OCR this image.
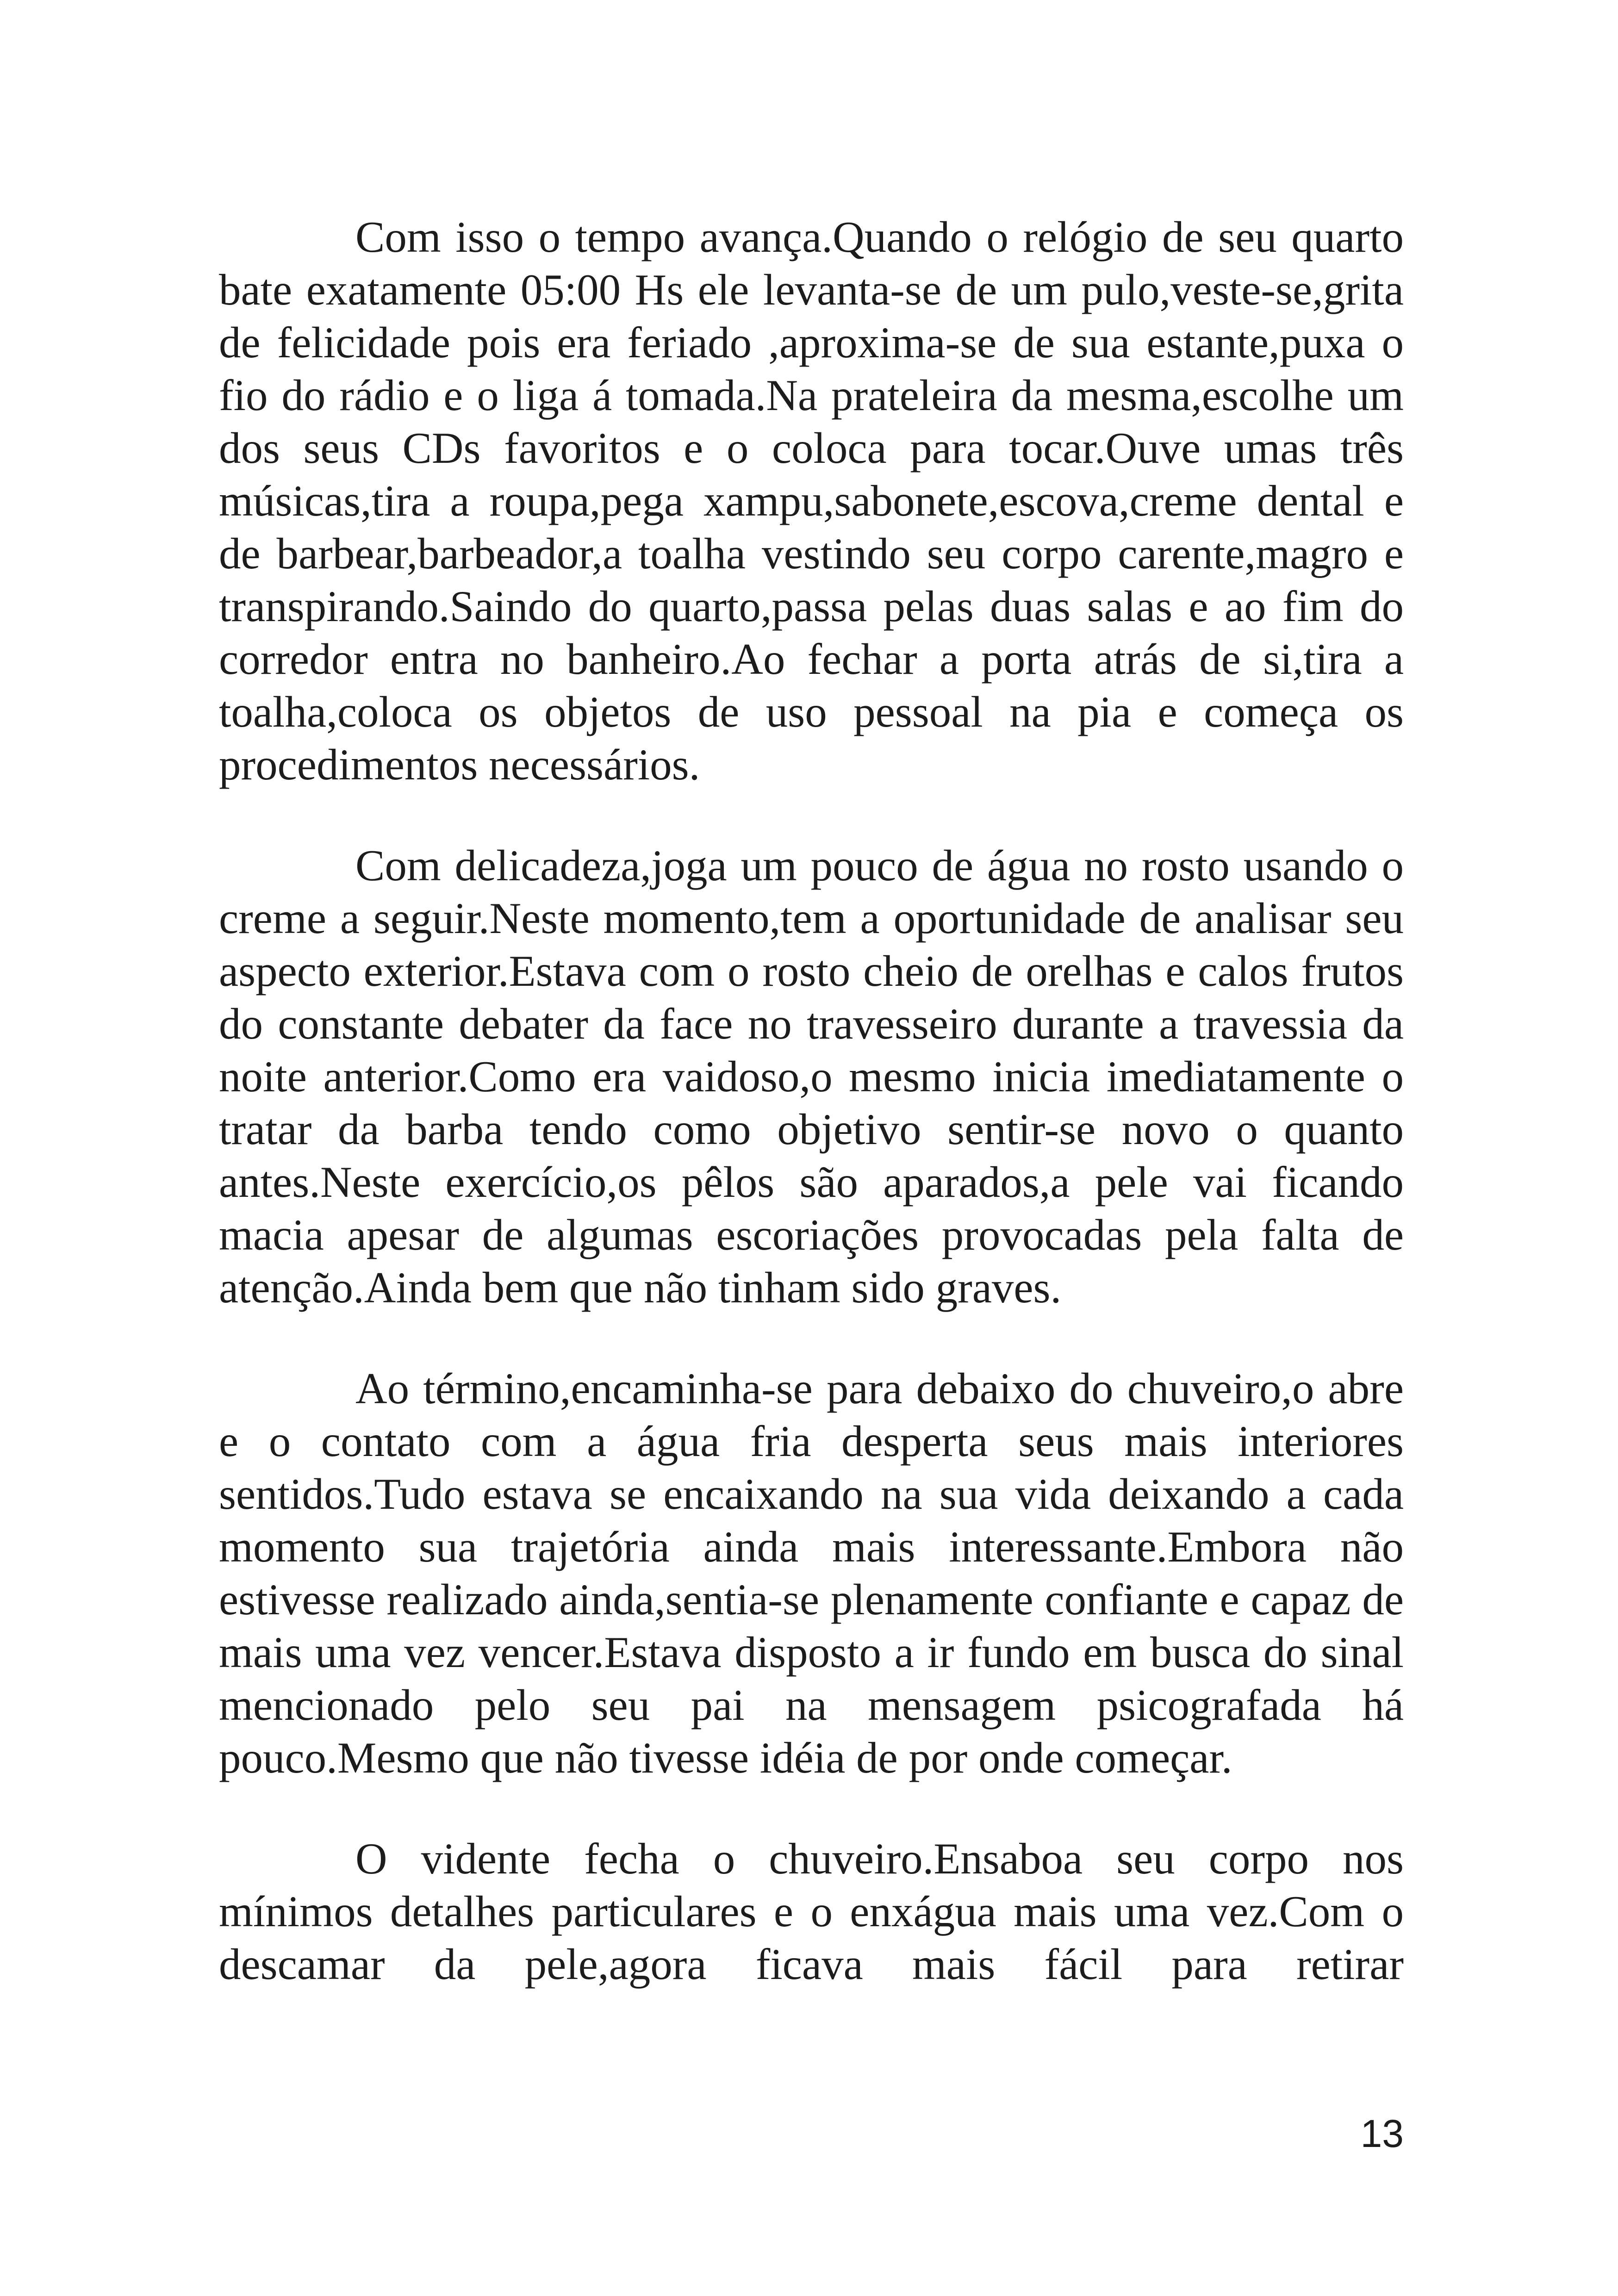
Com isso o tempo avança.Quando o relógio de seu quarto bate exatamente 05:00 Hs ele levanta-se de um pulo,veste-se,grita de felicidade pois era feriado ,aproxima-se de sua estante,puxa o fio do rádio e o liga á tomada.Na prateleira da mesma,escolhe um dos seus CDs favoritos e o coloca para tocar.Ouve umas três músicas,tira a roupa,pega xampu,sabonete,escova,creme dental e de barbear,barbeador,a toalha vestindo seu corpo carente,magro e transpirando.Saindo do quarto,passa pelas duas salas e ao fim do corredor entra no banheiro.Ao fechar a porta atrás de si,tira a toalha,coloca os objetos de uso pessoal na pia e começa os procedimentos necessários.

Com delicadeza,joga um pouco de água no rosto usando o creme a seguir.Neste momento,tem a oportunidade de analisar seu aspecto exterior.Estava com o rosto cheio de orelhas e calos frutos do constante debater da face no travesseiro durante a travessia da noite anterior.Como era vaidoso,o mesmo inicia imediatamente o tratar da barba tendo como objetivo sentir-se novo o quanto antes.Neste exercício,os pêlos são aparados,a pele vai ficando macia apesar de algumas escoriações provocadas pela falta de atenção.Ainda bem que não tinham sido graves.

Ao término,encaminha-se para debaixo do chuveiro,o abre e o contato com a água fria desperta seus mais interiores sentidos.Tudo estava se encaixando na sua vida deixando a cada momento sua trajetória ainda mais interessante.Embora não estivesse realizado ainda,sentia-se plenamente confiante e capaz de mais uma vez vencer.Estava disposto a ir fundo em busca do sinal mencionado pelo seu pai na mensagem psicografada há pouco.Mesmo que não tivesse idéia de por onde começar.

O vidente fecha o chuveiro.Ensaboa seu corpo nos mínimos detalhes particulares e o enxágua mais uma vez.Com o descamar da pele,agora ficava mais fácil para retirar

13
